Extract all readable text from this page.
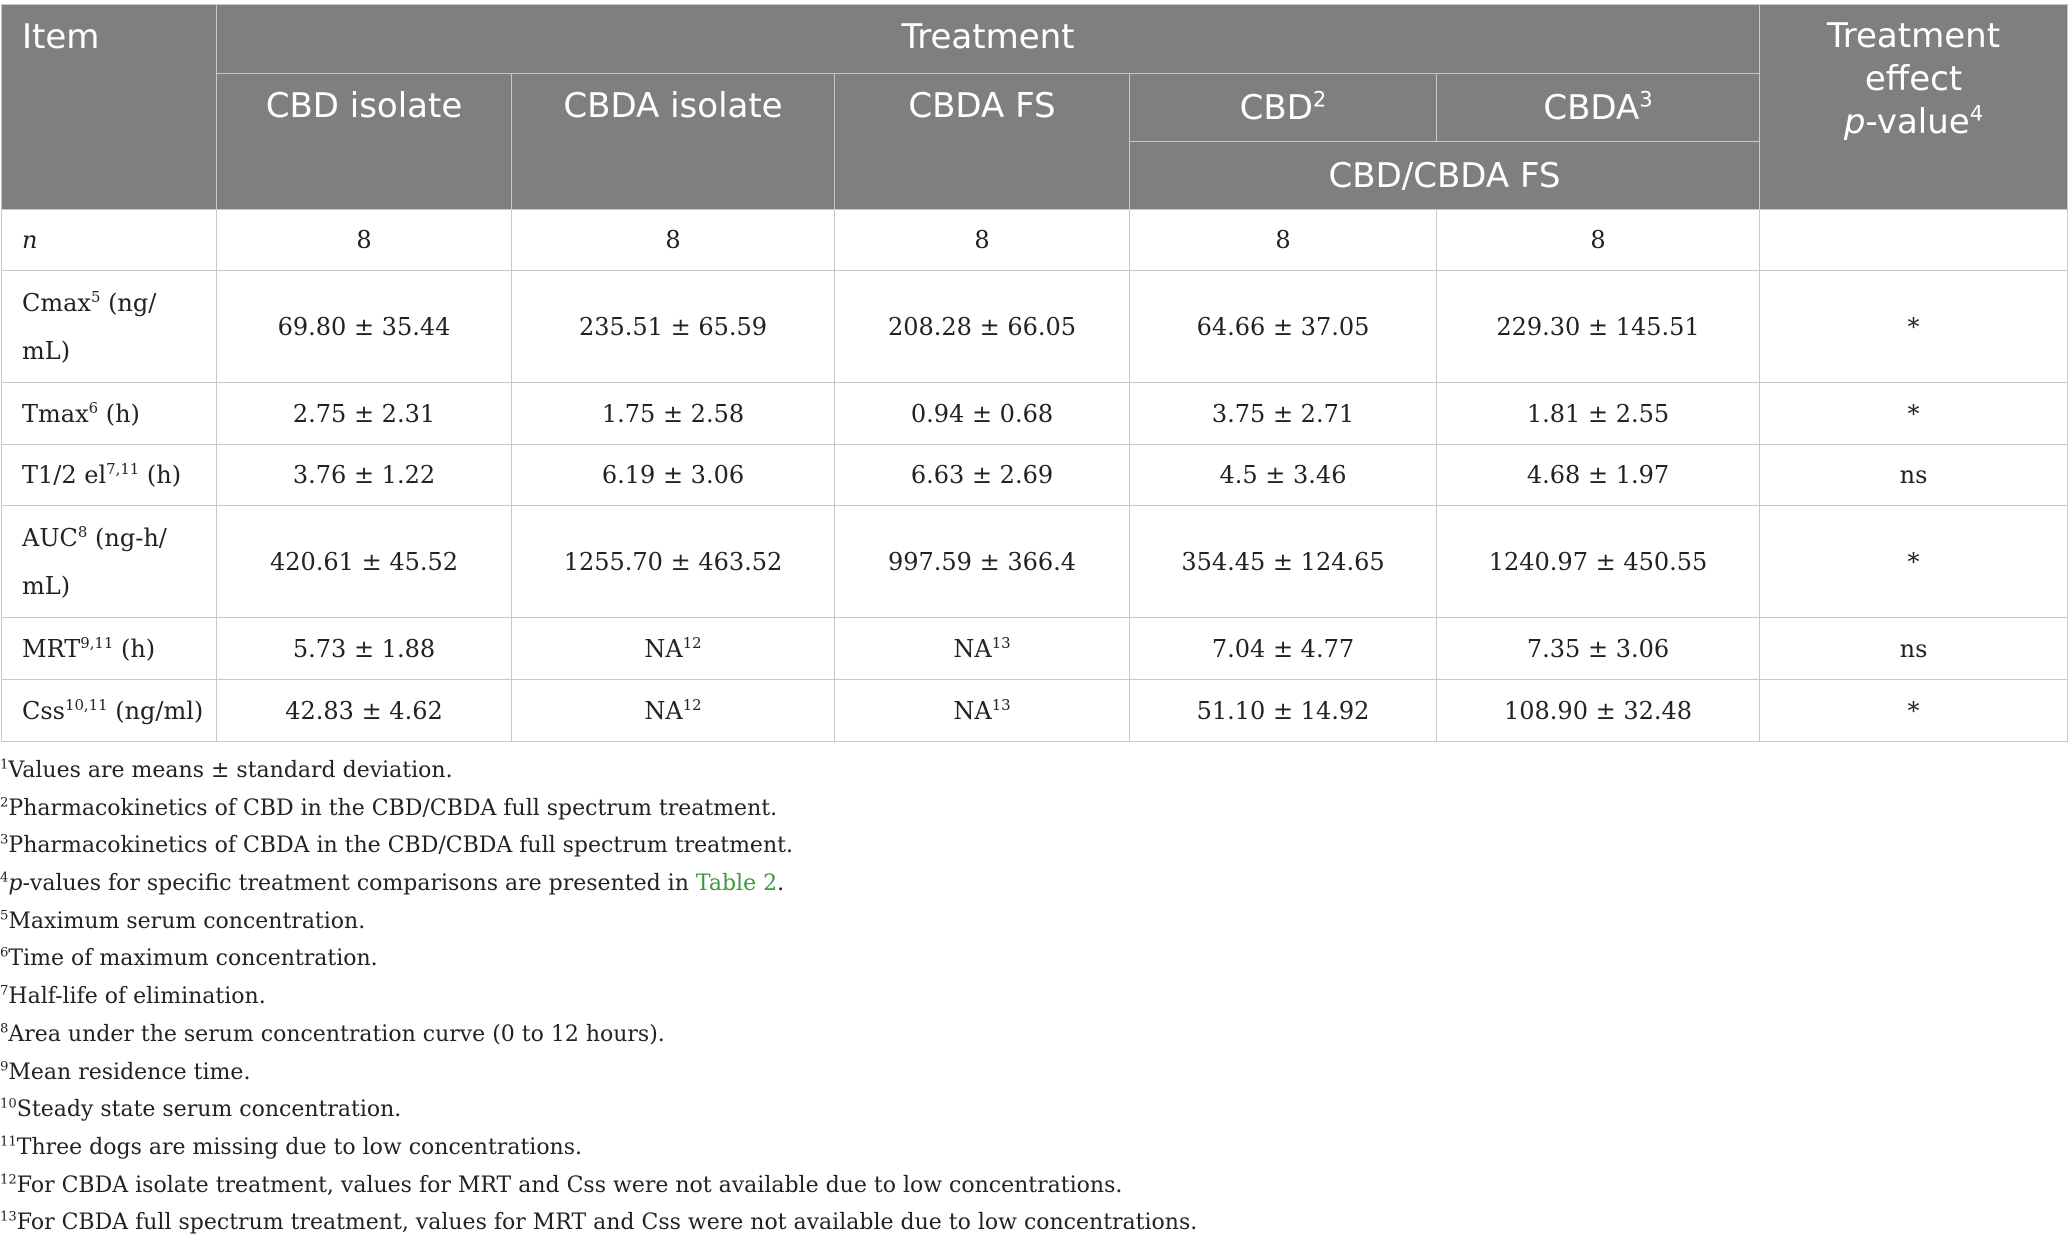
Item	Treatment					Treatment
effect
p-value$^4$
	CBD isolate	CBDA isolate	CBDA FS	CBD$^2$	CBDA$^3$
				CBD/CBDA FS		
n	8	8	8	8	8	
Cmax$^5$ (ng/
mL)	69.80 ± 35.44	235.51 ± 65.59	208.28 ± 66.05	64.66 ± 37.05	229.30 ± 145.51	*
Tmax$^6$ (h)	2.75 ± 2.31	1.75 ± 2.58	0.94 ± 0.68	3.75 ± 2.71	1.81 ± 2.55	*
T1/2 el$^{7,11}$ (h)	3.76 ± 1.22	6.19 ± 3.06	6.63 ± 2.69	4.5 ± 3.46	4.68 ± 1.97	ns
AUC$^8$ (ng-h/
mL)	420.61 ± 45.52	1255.70 ± 463.52	997.59 ± 366.4	354.45 ± 124.65	1240.97 ± 450.55	*
MRT$^{9,11}$ (h)	5.73 ± 1.88	NA$^{12}$	NA$^{13}$	7.04 ± 4.77	7.35 ± 3.06	ns
Css$^{10,11}$ (ng/ml)	42.83 ± 4.62	NA$^{12}$	NA$^{13}$	51.10 ± 14.92	108.90 ± 32.48	*
$^1$Values are means ± standard deviation.
$^2$Pharmacokinetics of CBD in the CBD/CBDA full spectrum treatment.
$^3$Pharmacokinetics of CBDA in the CBD/CBDA full spectrum treatment.
$^4$p-values for specific treatment comparisons are presented in Table 2.
$^5$Maximum serum concentration.
$^6$Time of maximum concentration.
$^7$Half-life of elimination.
$^8$Area under the serum concentration curve (0 to 12 hours).
$^9$Mean residence time.
$^{10}$Steady state serum concentration.
$^{11}$Three dogs are missing due to low concentrations.
$^{12}$For CBDA isolate treatment, values for MRT and Css were not available due to low concentrations.
$^{13}$For CBDA full spectrum treatment, values for MRT and Css were not available due to low concentrations.
